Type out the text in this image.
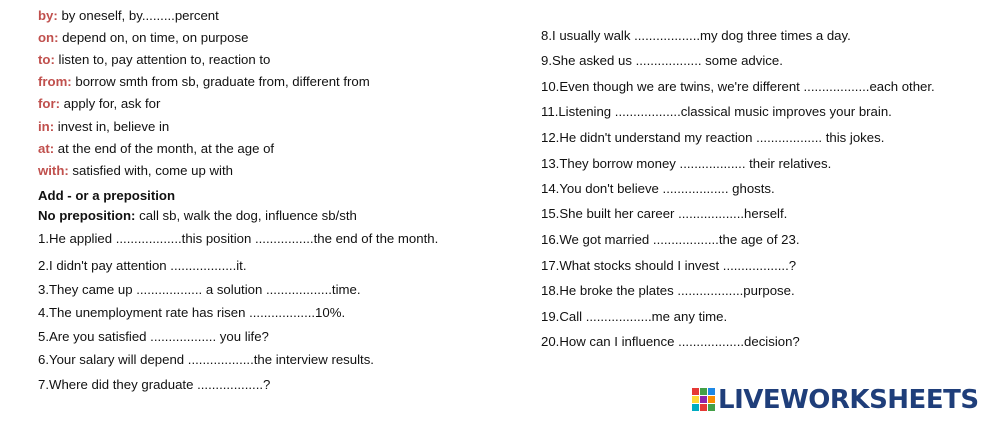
by: by oneself, by.........percent
on: depend on, on time, on purpose
to: listen to, pay attention to, reaction to
from: borrow smth from sb, graduate from, different from
for: apply for, ask for
in: invest in, believe in
at: at the end of the month, at the age of
with: satisfied with, come up with
Add - or a preposition
No preposition: call sb, walk the dog, influence sb/sth
1.He applied ..................this position ................the end of the month.
2.I didn't pay attention ..................it.
3.They came up .................. a solution ..................time.
4.The unemployment rate has risen ..................10%.
5.Are you satisfied .................. you life?
6.Your salary will depend ..................the interview results.
7.Where did they graduate ..................?
8.I usually walk ..................my dog three times a day.
9.She asked us .................. some advice.
10.Even though we are twins, we're different ..................each other.
11.Listening ..................classical music improves your brain.
12.He didn't understand my reaction .................. this jokes.
13.They borrow money .................. their relatives.
14.You don't believe .................. ghosts.
15.She built her career ..................herself.
16.We got married ..................the age of 23.
17.What stocks should I invest ..................?
18.He broke the plates ..................purpose.
19.Call ..................me any time.
20.How can I influence ..................decision?
LIVEWORKSHEETS
